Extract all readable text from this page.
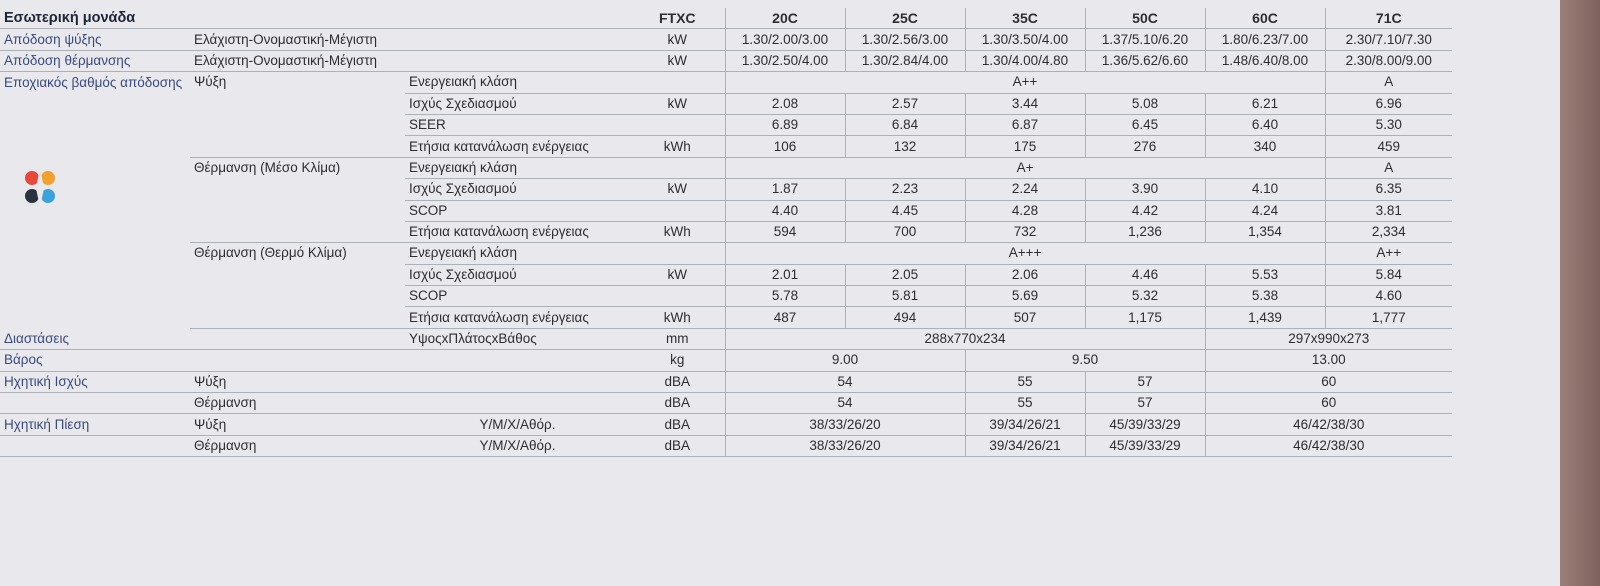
Εσωτερική μονάδα			FTXC	20C	25C	35C	50C	60C	71C
Απόδοση ψύξης	Ελάχιστη-Ονομαστική-Μέγιστη		kW	1.30/2.00/3.00	1.30/2.56/3.00	1.30/3.50/4.00	1.37/5.10/6.20	1.80/6.23/7.00	2.30/7.10/7.30
Απόδοση θέρμανσης	Ελάχιστη-Ονομαστική-Μέγιστη		kW	1.30/2.50/4.00	1.30/2.84/4.00	1.30/4.00/4.80	1.36/5.62/6.60	1.48/6.40/8.00	2.30/8.00/9.00
Εποχιακός βαθμός απόδοσης	Ψύξη	Ενεργειακή κλάση		A++					A
		Ισχύς Σχεδιασμού	kW	2.08	2.57	3.44	5.08	6.21	6.96
		SEER		6.89	6.84	6.87	6.45	6.40	5.30
		Ετήσια κατανάλωση ενέργειας	kWh	106	132	175	276	340	459
	Θέρμανση (Μέσο Κλίμα)	Ενεργειακή κλάση		A+					A
		Ισχύς Σχεδιασμού	kW	1.87	2.23	2.24	3.90	4.10	6.35
		SCOP		4.40	4.45	4.28	4.42	4.24	3.81
		Ετήσια κατανάλωση ενέργειας	kWh	594	700	732	1,236	1,354	2,334
	Θέρμανση (Θερμό Κλίμα)	Ενεργειακή κλάση		A+++					A++
		Ισχύς Σχεδιασμού	kW	2.01	2.05	2.06	4.46	5.53	5.84
		SCOP		5.78	5.81	5.69	5.32	5.38	4.60
		Ετήσια κατανάλωση ενέργειας	kWh	487	494	507	1,175	1,439	1,777
Διαστάσεις		ΥψοςxΠλάτοςxΒάθος	mm	288x770x234				297x990x273	
Βάρος			kg	9.00		9.50		13.00	
Ηχητική Ισχύς	Ψύξη		dBA	54		55	57	60	
	Θέρμανση		dBA	54		55	57	60	
Ηχητική Πίεση	Ψύξη	Υ/Μ/Χ/Αθόρ.	dBA	38/33/26/20		39/34/26/21	45/39/33/29	46/42/38/30	
	Θέρμανση	Υ/Μ/Χ/Αθόρ.	dBA	38/33/26/20		39/34/26/21	45/39/33/29	46/42/38/30	
